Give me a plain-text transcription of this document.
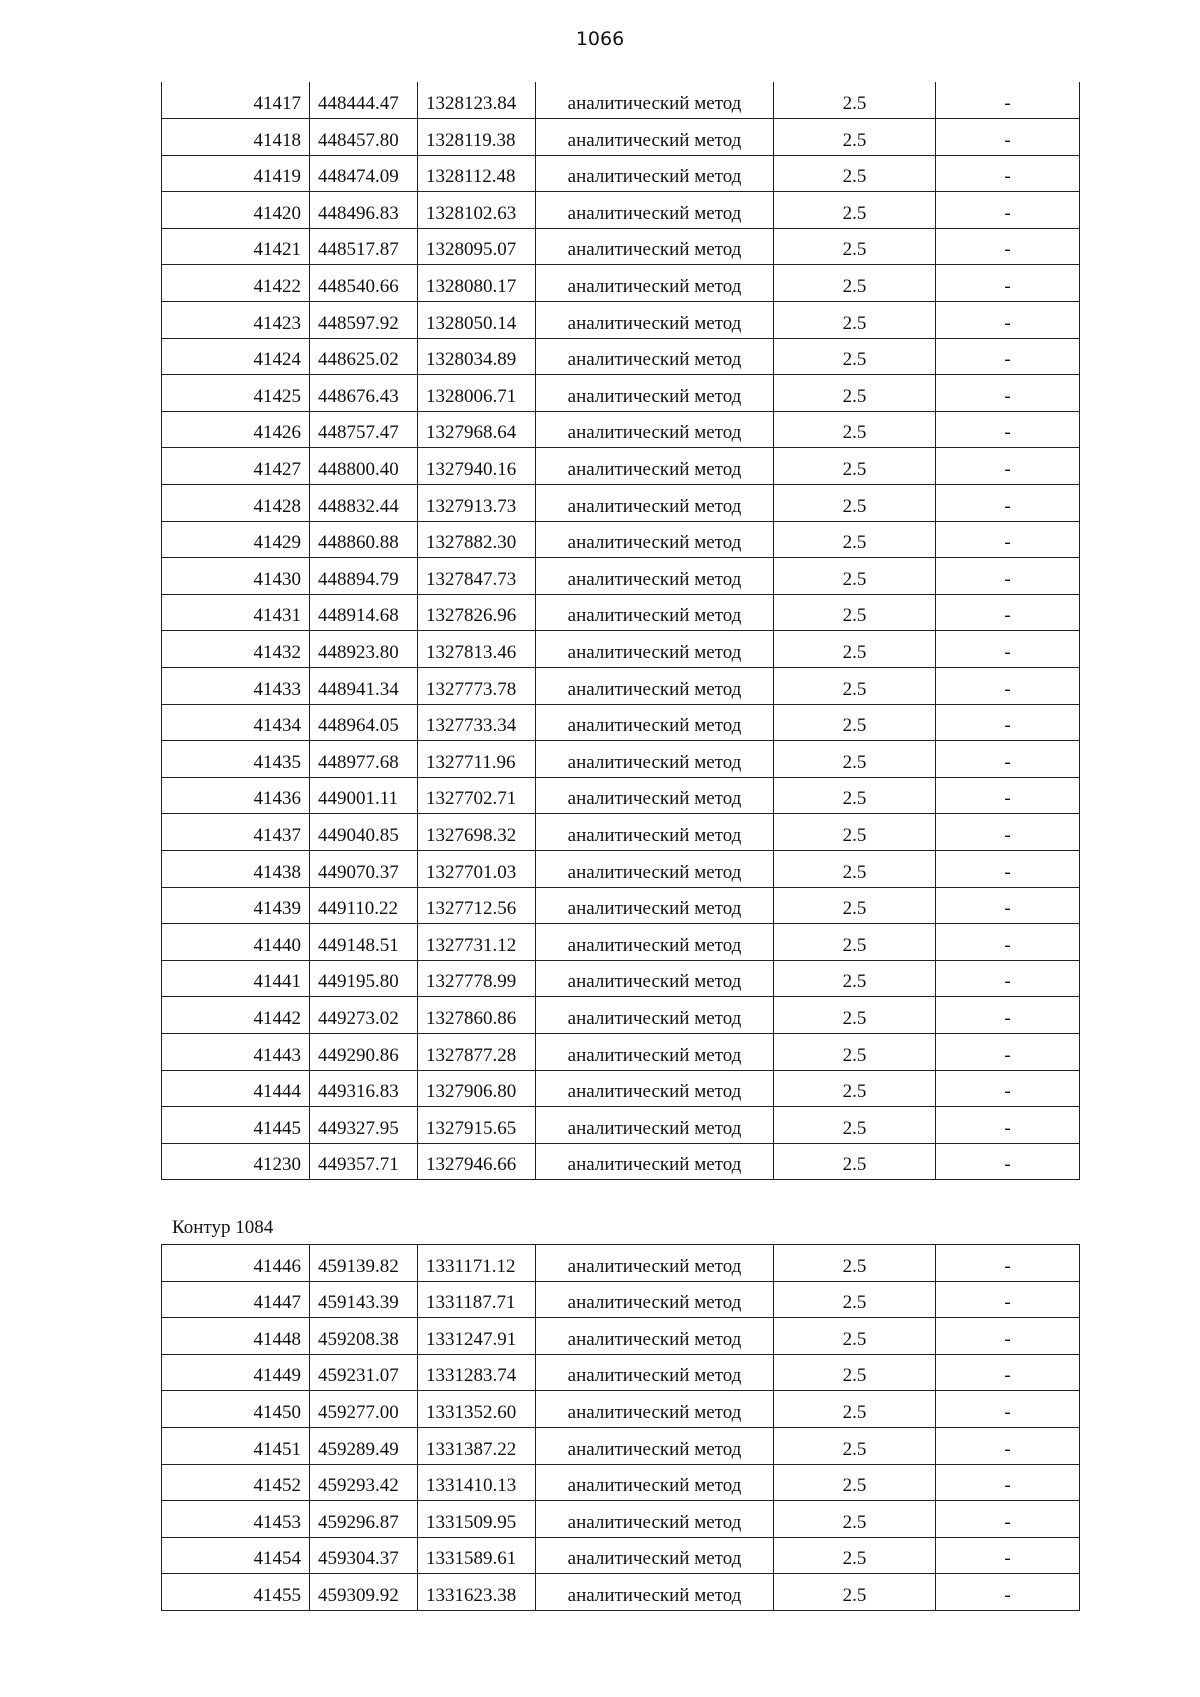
1066
41417	448444.47	1328123.84	аналитический метод	2.5	-
41418	448457.80	1328119.38	аналитический метод	2.5	-
41419	448474.09	1328112.48	аналитический метод	2.5	-
41420	448496.83	1328102.63	аналитический метод	2.5	-
41421	448517.87	1328095.07	аналитический метод	2.5	-
41422	448540.66	1328080.17	аналитический метод	2.5	-
41423	448597.92	1328050.14	аналитический метод	2.5	-
41424	448625.02	1328034.89	аналитический метод	2.5	-
41425	448676.43	1328006.71	аналитический метод	2.5	-
41426	448757.47	1327968.64	аналитический метод	2.5	-
41427	448800.40	1327940.16	аналитический метод	2.5	-
41428	448832.44	1327913.73	аналитический метод	2.5	-
41429	448860.88	1327882.30	аналитический метод	2.5	-
41430	448894.79	1327847.73	аналитический метод	2.5	-
41431	448914.68	1327826.96	аналитический метод	2.5	-
41432	448923.80	1327813.46	аналитический метод	2.5	-
41433	448941.34	1327773.78	аналитический метод	2.5	-
41434	448964.05	1327733.34	аналитический метод	2.5	-
41435	448977.68	1327711.96	аналитический метод	2.5	-
41436	449001.11	1327702.71	аналитический метод	2.5	-
41437	449040.85	1327698.32	аналитический метод	2.5	-
41438	449070.37	1327701.03	аналитический метод	2.5	-
41439	449110.22	1327712.56	аналитический метод	2.5	-
41440	449148.51	1327731.12	аналитический метод	2.5	-
41441	449195.80	1327778.99	аналитический метод	2.5	-
41442	449273.02	1327860.86	аналитический метод	2.5	-
41443	449290.86	1327877.28	аналитический метод	2.5	-
41444	449316.83	1327906.80	аналитический метод	2.5	-
41445	449327.95	1327915.65	аналитический метод	2.5	-
41230	449357.71	1327946.66	аналитический метод	2.5	-
Контур 1084
41446	459139.82	1331171.12	аналитический метод	2.5	-
41447	459143.39	1331187.71	аналитический метод	2.5	-
41448	459208.38	1331247.91	аналитический метод	2.5	-
41449	459231.07	1331283.74	аналитический метод	2.5	-
41450	459277.00	1331352.60	аналитический метод	2.5	-
41451	459289.49	1331387.22	аналитический метод	2.5	-
41452	459293.42	1331410.13	аналитический метод	2.5	-
41453	459296.87	1331509.95	аналитический метод	2.5	-
41454	459304.37	1331589.61	аналитический метод	2.5	-
41455	459309.92	1331623.38	аналитический метод	2.5	-
